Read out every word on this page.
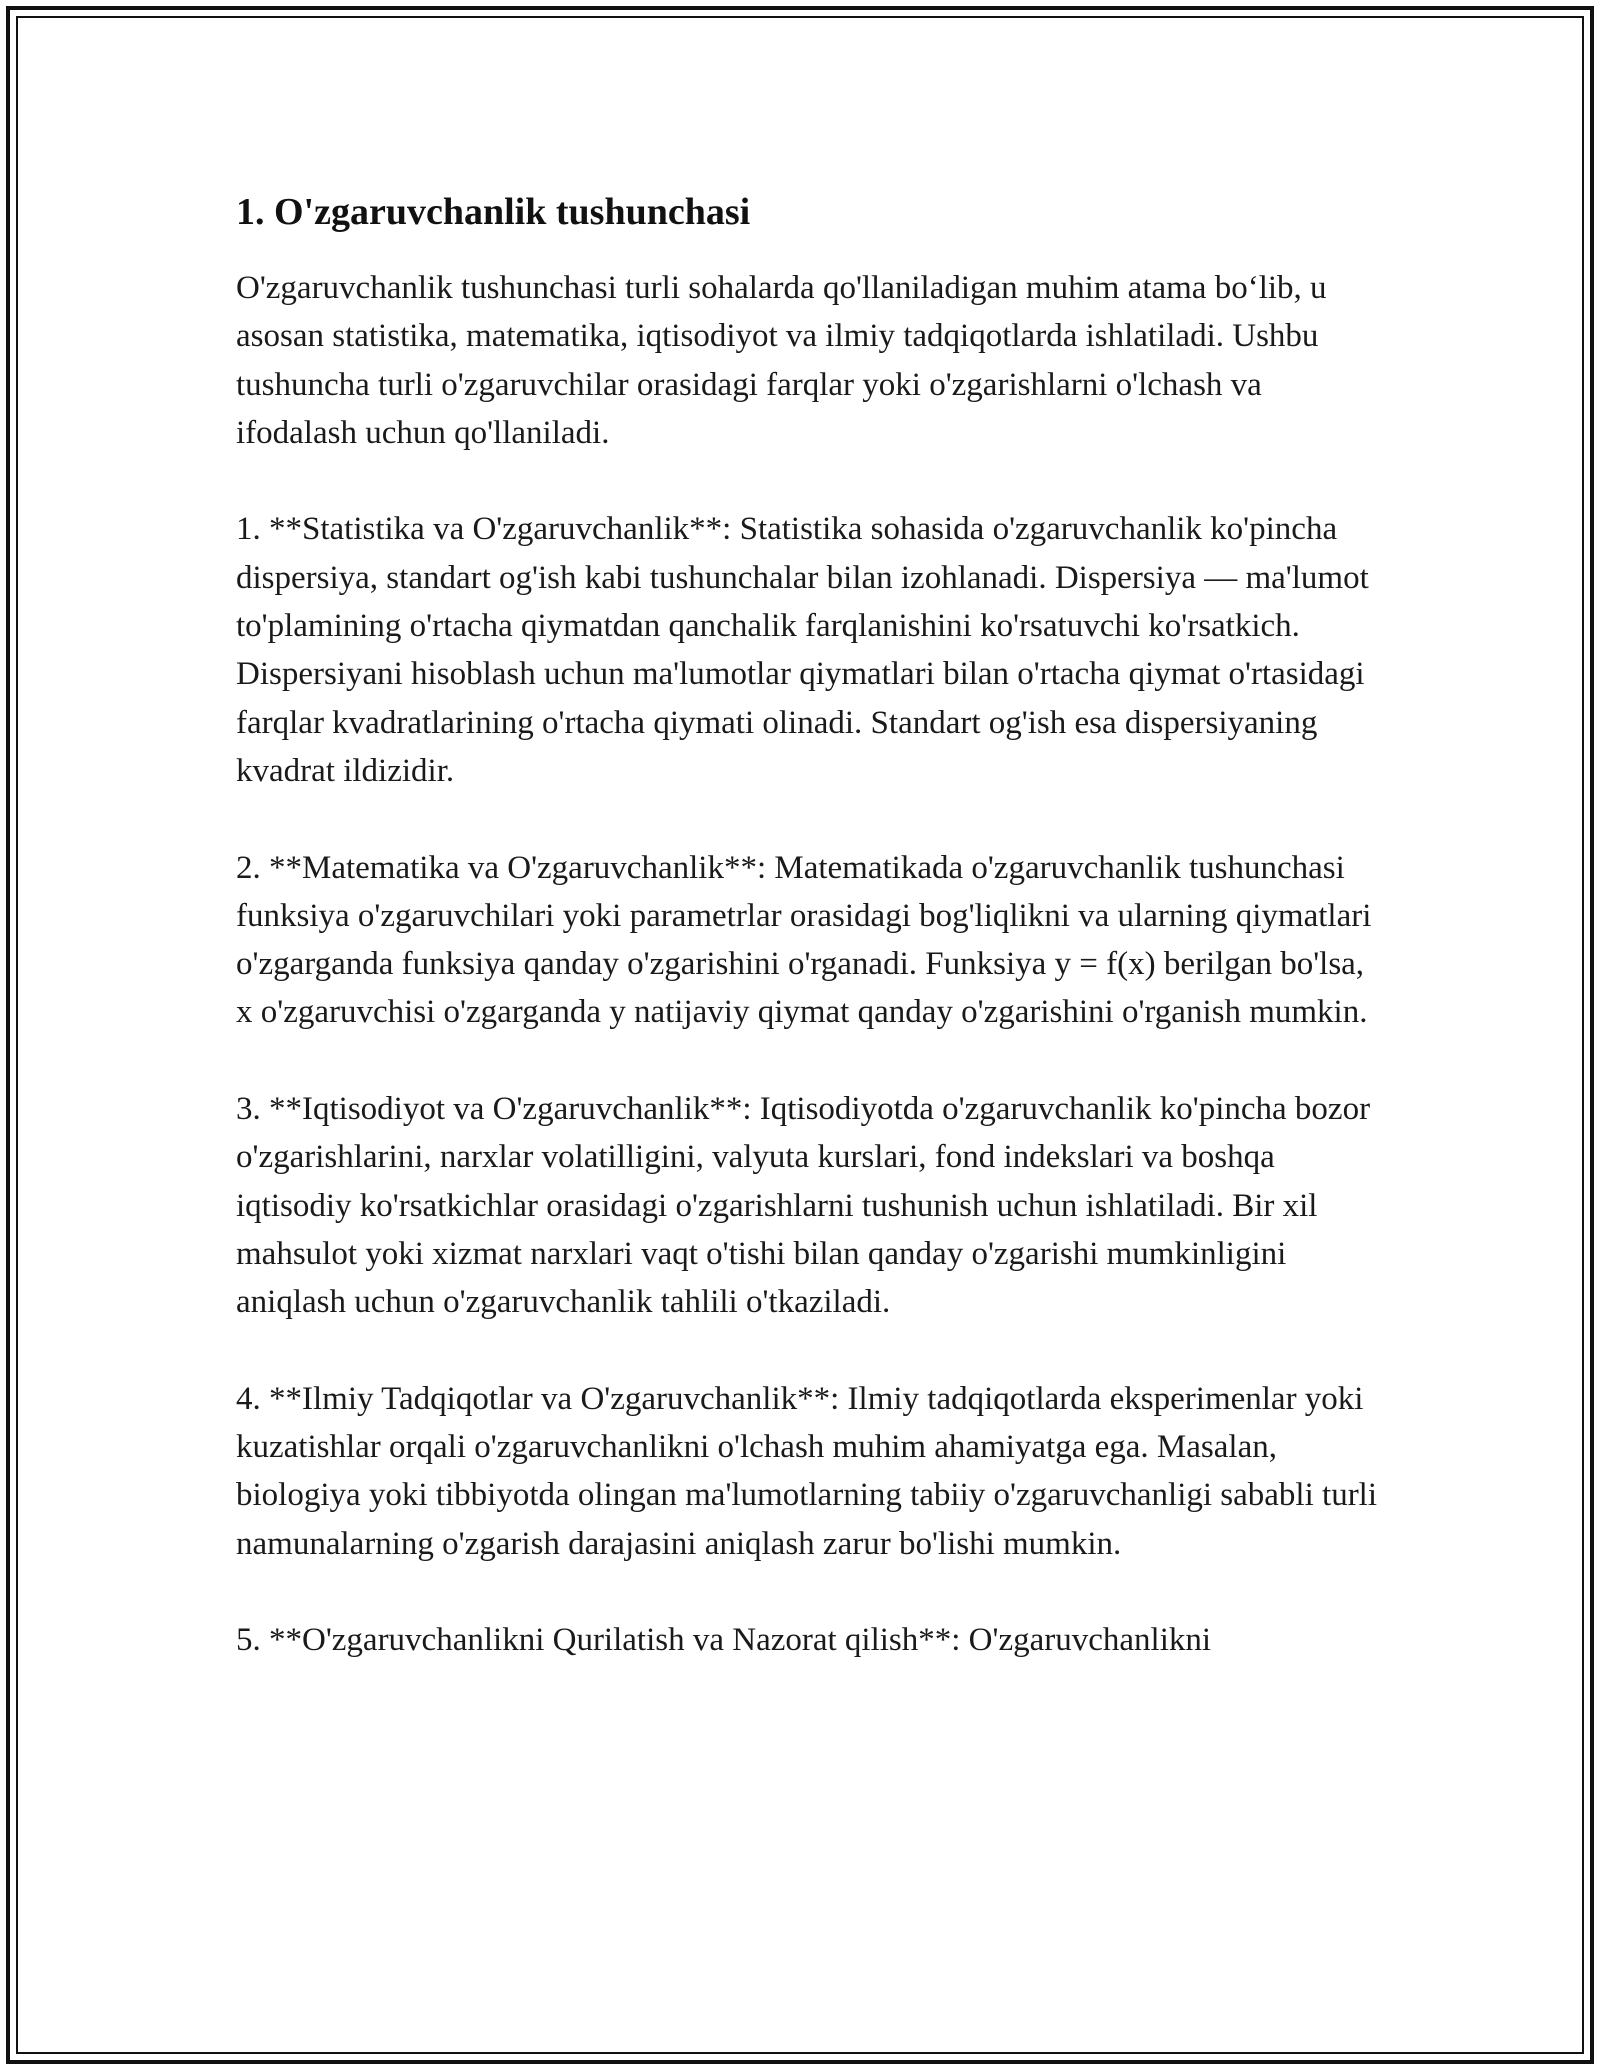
1. O'zgaruvchanlik tushunchasi

O'zgaruvchanlik tushunchasi turli sohalarda qo'llaniladigan muhim atama bo‘lib, u asosan statistika, matematika, iqtisodiyot va ilmiy tadqiqotlarda ishlatiladi. Ushbu tushuncha turli o'zgaruvchilar orasidagi farqlar yoki o'zgarishlarni o'lchash va ifodalash uchun qo'llaniladi.

1. **Statistika va O'zgaruvchanlik**: Statistika sohasida o'zgaruvchanlik ko'pincha dispersiya, standart og'ish kabi tushunchalar bilan izohlanadi. Dispersiya — ma'lumot to'plamining o'rtacha qiymatdan qanchalik farqlanishini ko'rsatuvchi ko'rsatkich. Dispersiyani hisoblash uchun ma'lumotlar qiymatlari bilan o'rtacha qiymat o'rtasidagi farqlar kvadratlarining o'rtacha qiymati olinadi. Standart og'ish esa dispersiyaning kvadrat ildizidir.

2. **Matematika va O'zgaruvchanlik**: Matematikada o'zgaruvchanlik tushunchasi funksiya o'zgaruvchilari yoki parametrlar orasidagi bog'liqlikni va ularning qiymatlari o'zgarganda funksiya qanday o'zgarishini o'rganadi. Funksiya y = f(x) berilgan bo'lsa, x o'zgaruvchisi o'zgarganda y natijaviy qiymat qanday o'zgarishini o'rganish mumkin.

3. **Iqtisodiyot va O'zgaruvchanlik**: Iqtisodiyotda o'zgaruvchanlik ko'pincha bozor o'zgarishlarini, narxlar volatilligini, valyuta kurslari, fond indekslari va boshqa iqtisodiy ko'rsatkichlar orasidagi o'zgarishlarni tushunish uchun ishlatiladi. Bir xil mahsulot yoki xizmat narxlari vaqt o'tishi bilan qanday o'zgarishi mumkinligini aniqlash uchun o'zgaruvchanlik tahlili o'tkaziladi.

4. **Ilmiy Tadqiqotlar va O'zgaruvchanlik**: Ilmiy tadqiqotlarda eksperimenlar yoki kuzatishlar orqali o'zgaruvchanlikni o'lchash muhim ahamiyatga ega. Masalan, biologiya yoki tibbiyotda olingan ma'lumotlarning tabiiy o'zgaruvchanligi sababli turli namunalarning o'zgarish darajasini aniqlash zarur bo'lishi mumkin.

5. **O'zgaruvchanlikni Qurilatish va Nazorat qilish**: O'zgaruvchanlikni
